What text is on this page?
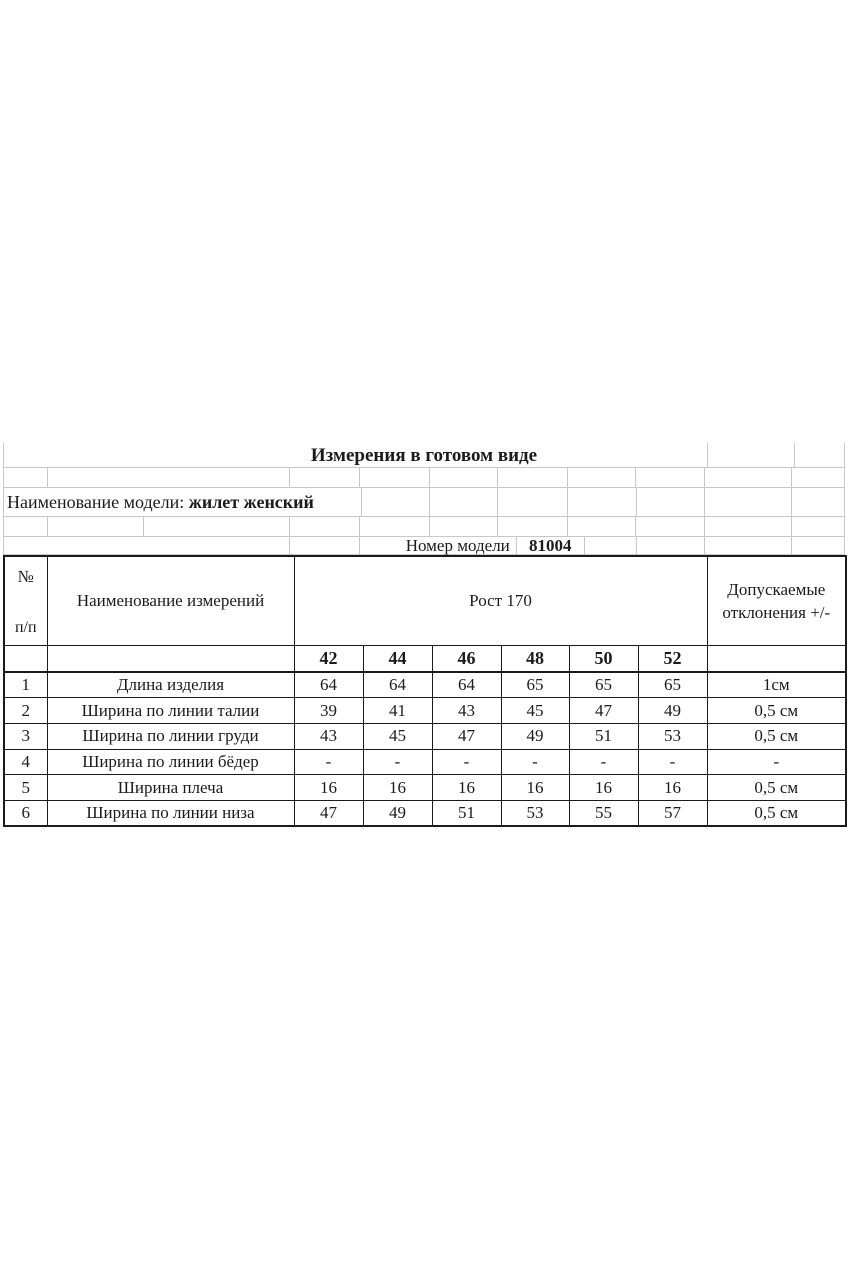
Измерения в готовом виде
Наименование модели:
жилет женский
Номер модели 81004
№
п/п	Наименование измерений	Рост 170						Допускаемые отклонения +/-
		42	44	46	48	50	52	
1	Длина изделия	64	64	64	65	65	65	1см
2	Ширина по линии талии	39	41	43	45	47	49	0,5 см
3	Ширина по линии груди	43	45	47	49	51	53	0,5 см
4	Ширина по линии бёдер	-	-	-	-	-	-	-
5	Ширина плеча	16	16	16	16	16	16	0,5 см
6	Ширина по линии низа	47	49	51	53	55	57	0,5 см
